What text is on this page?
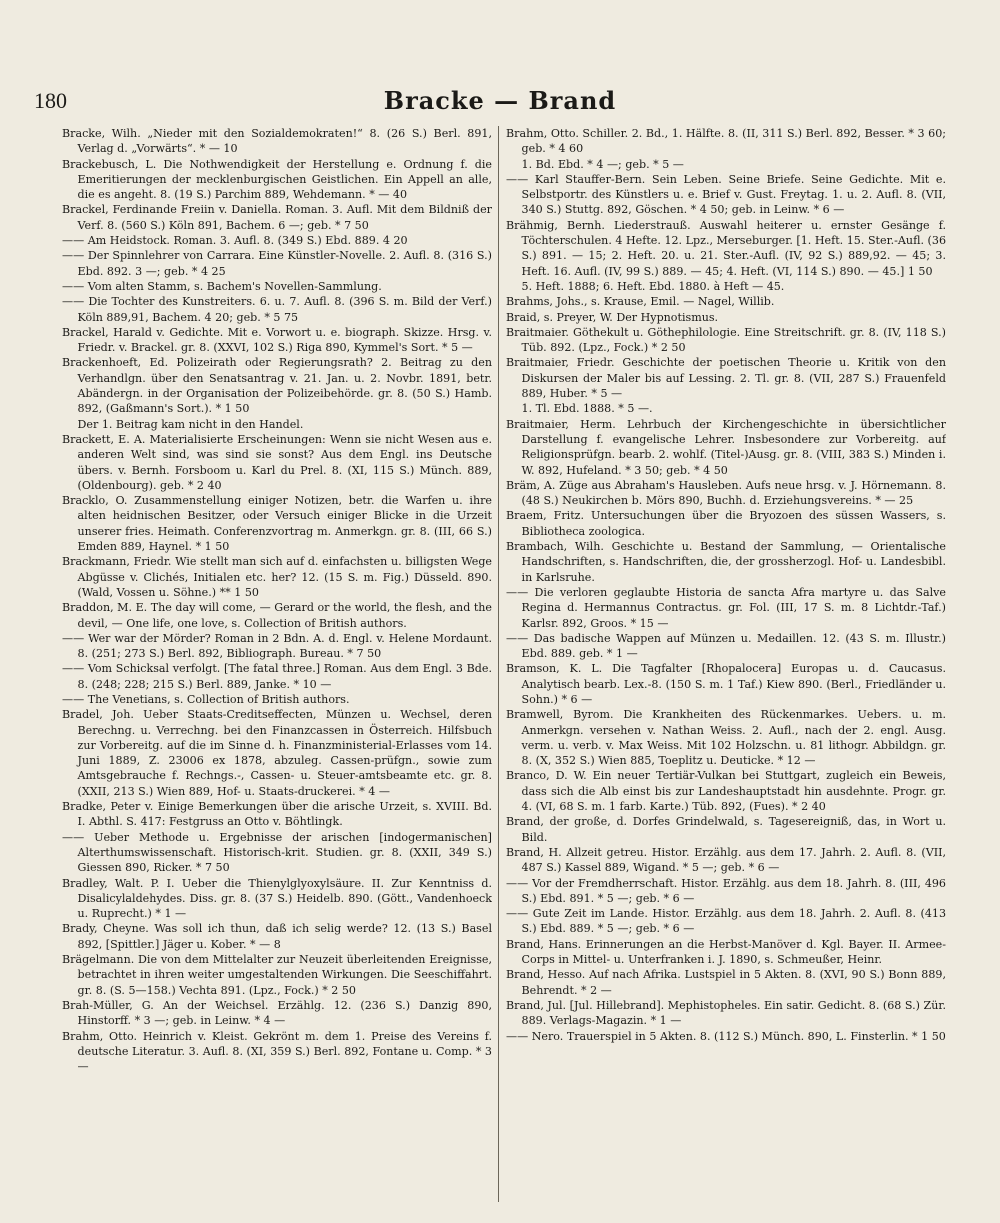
180	Bracke — Brand

Bracke, Wilh. „Nieder mit den Sozialdemokraten!“ 8. (26 S.) Berl. 891, Verlag d. „Vorwärts“. * — 10

Brackebusch, L. Die Nothwendigkeit der Herstellung e. Ordnung f. die Emeritierungen der mecklenburgischen Geistlichen. Ein Appell an alle, die es angeht. 8. (19 S.) Parchim 889, Wehdemann. * — 40

Brackel, Ferdinande Freiin v. Daniella. Roman. 3. Aufl. Mit dem Bildniß der Verf. 8. (560 S.) Köln 891, Bachem. 6 —; geb. * 7 50

—— Am Heidstock. Roman. 3. Aufl. 8. (349 S.) Ebd. 889. 4 20

—— Der Spinnlehrer von Carrara. Eine Künstler-Novelle. 2. Aufl. 8. (316 S.) Ebd. 892. 3 —; geb. * 4 25

—— Vom alten Stamm, s. Bachem's Novellen-Sammlung.

—— Die Tochter des Kunstreiters. 6. u. 7. Aufl. 8. (396 S. m. Bild der Verf.) Köln 889,91, Bachem. 4 20; geb. * 5 75

Brackel, Harald v. Gedichte. Mit e. Vorwort u. e. biograph. Skizze. Hrsg. v. Friedr. v. Brackel. gr. 8. (XXVI, 102 S.) Riga 890, Kymmel's Sort. * 5 —

Brackenhoeft, Ed. Polizeirath oder Regierungsrath? 2. Beitrag zu den Verhandlgn. über den Senatsantrag v. 21. Jan. u. 2. Novbr. 1891, betr. Abändergn. in der Organisation der Polizeibehörde. gr. 8. (50 S.) Hamb. 892, (Gaßmann's Sort.). * 1 50
Der 1. Beitrag kam nicht in den Handel.

Brackett, E. A. Materialisierte Erscheinungen: Wenn sie nicht Wesen aus e. anderen Welt sind, was sind sie sonst? Aus dem Engl. ins Deutsche übers. v. Bernh. Forsboom u. Karl du Prel. 8. (XI, 115 S.) Münch. 889, (Oldenbourg). geb. * 2 40

Bracklo, O. Zusammenstellung einiger Notizen, betr. die Warfen u. ihre alten heidnischen Besitzer, oder Versuch einiger Blicke in die Urzeit unserer fries. Heimath. Conferenzvortrag m. Anmerkgn. gr. 8. (III, 66 S.) Emden 889, Haynel. * 1 50

Brackmann, Friedr. Wie stellt man sich auf d. einfachsten u. billigsten Wege Abgüsse v. Clichés, Initialen etc. her? 12. (15 S. m. Fig.) Düsseld. 890. (Wald, Vossen u. Söhne.) ** 1 50

Braddon, M. E. The day will come, — Gerard or the world, the flesh, and the devil, — One life, one love, s. Collection of British authors.

—— Wer war der Mörder? Roman in 2 Bdn. A. d. Engl. v. Helene Mordaunt. 8. (251; 273 S.) Berl. 892, Bibliograph. Bureau. * 7 50

—— Vom Schicksal verfolgt. [The fatal three.] Roman. Aus dem Engl. 3 Bde. 8. (248; 228; 215 S.) Berl. 889, Janke. * 10 —

—— The Venetians, s. Collection of British authors.

Bradel, Joh. Ueber Staats-Creditseffecten, Münzen u. Wechsel, deren Berechng. u. Verrechng. bei den Finanzcassen in Österreich. Hilfsbuch zur Vorbereitg. auf die im Sinne d. h. Finanzministerial-Erlasses vom 14. Juni 1889, Z. 23006 ex 1878, abzuleg. Cassen-prüfgn., sowie zum Amtsgebrauche f. Rechngs.-, Cassen- u. Steuer-amtsbeamte etc. gr. 8. (XXII, 213 S.) Wien 889, Hof- u. Staats-druckerei. * 4 —

Bradke, Peter v. Einige Bemerkungen über die arische Urzeit, s. XVIII. Bd. I. Abthl. S. 417: Festgruss an Otto v. Böhtlingk.

—— Ueber Methode u. Ergebnisse der arischen [indogermanischen] Alterthumswissenschaft. Historisch-krit. Studien. gr. 8. (XXII, 349 S.) Giessen 890, Ricker. * 7 50

Bradley, Walt. P. I. Ueber die Thienylglyoxylsäure. II. Zur Kenntniss d. Disalicylaldehydes. Diss. gr. 8. (37 S.) Heidelb. 890. (Gött., Vandenhoeck u. Ruprecht.) * 1 —

Brady, Cheyne. Was soll ich thun, daß ich selig werde? 12. (13 S.) Basel 892, [Spittler.] Jäger u. Kober. * — 8

Brägelmann. Die von dem Mittelalter zur Neuzeit überleitenden Ereignisse, betrachtet in ihren weiter umgestaltenden Wirkungen. Die Seeschiffahrt. gr. 8. (S. 5—158.) Vechta 891. (Lpz., Fock.) * 2 50

Brah-Müller, G. An der Weichsel. Erzählg. 12. (236 S.) Danzig 890, Hinstorff. * 3 —; geb. in Leinw. * 4 —

Brahm, Otto. Heinrich v. Kleist. Gekrönt m. dem 1. Preise des Vereins f. deutsche Literatur. 3. Aufl. 8. (XI, 359 S.) Berl. 892, Fontane u. Comp. * 3 —

Brahm, Otto. Schiller. 2. Bd., 1. Hälfte. 8. (II, 311 S.) Berl. 892, Besser. * 3 60; geb. * 4 60
1. Bd. Ebd. * 4 —; geb. * 5 —

—— Karl Stauffer-Bern. Sein Leben. Seine Briefe. Seine Gedichte. Mit e. Selbstportr. des Künstlers u. e. Brief v. Gust. Freytag. 1. u. 2. Aufl. 8. (VII, 340 S.) Stuttg. 892, Göschen. * 4 50; geb. in Leinw. * 6 —

Brähmig, Bernh. Liederstrauß. Auswahl heiterer u. ernster Gesänge f. Töchterschulen. 4 Hefte. 12. Lpz., Merseburger. [1. Heft. 15. Ster.-Aufl. (36 S.) 891. — 15; 2. Heft. 20. u. 21. Ster.-Aufl. (IV, 92 S.) 889,92. — 45; 3. Heft. 16. Aufl. (IV, 99 S.) 889. — 45; 4. Heft. (VI, 114 S.) 890. — 45.] 1 50
5. Heft. 1888; 6. Heft. Ebd. 1880. à Heft — 45.

Brahms, Johs., s. Krause, Emil. — Nagel, Willib.

Braid, s. Preyer, W. Der Hypnotismus.

Braitmaier. Göthekult u. Göthephilologie. Eine Streitschrift. gr. 8. (IV, 118 S.) Tüb. 892. (Lpz., Fock.) * 2 50

Braitmaier, Friedr. Geschichte der poetischen Theorie u. Kritik von den Diskursen der Maler bis auf Lessing. 2. Tl. gr. 8. (VII, 287 S.) Frauenfeld 889, Huber. * 5 —
1. Tl. Ebd. 1888. * 5 —.

Braitmaier, Herm. Lehrbuch der Kirchengeschichte in übersichtlicher Darstellung f. evangelische Lehrer. Insbesondere zur Vorbereitg. auf Religionsprüfgn. bearb. 2. wohlf. (Titel-)Ausg. gr. 8. (VIII, 383 S.) Minden i. W. 892, Hufeland. * 3 50; geb. * 4 50

Bräm, A. Züge aus Abraham's Hausleben. Aufs neue hrsg. v. J. Hörnemann. 8. (48 S.) Neukirchen b. Mörs 890, Buchh. d. Erziehungsvereins. * — 25

Braem, Fritz. Untersuchungen über die Bryozoen des süssen Wassers, s. Bibliotheca zoologica.

Brambach, Wilh. Geschichte u. Bestand der Sammlung, — Orientalische Handschriften, s. Handschriften, die, der grossherzogl. Hof- u. Landesbibl. in Karlsruhe.

—— Die verloren geglaubte Historia de sancta Afra martyre u. das Salve Regina d. Hermannus Contractus. gr. Fol. (III, 17 S. m. 8 Lichtdr.-Taf.) Karlsr. 892, Groos. * 15 —

—— Das badische Wappen auf Münzen u. Medaillen. 12. (43 S. m. Illustr.) Ebd. 889. geb. * 1 —

Bramson, K. L. Die Tagfalter [Rhopalocera] Europas u. d. Caucasus. Analytisch bearb. Lex.-8. (150 S. m. 1 Taf.) Kiew 890. (Berl., Friedländer u. Sohn.) * 6 —

Bramwell, Byrom. Die Krankheiten des Rückenmarkes. Uebers. u. m. Anmerkgn. versehen v. Nathan Weiss. 2. Aufl., nach der 2. engl. Ausg. verm. u. verb. v. Max Weiss. Mit 102 Holzschn. u. 81 lithogr. Abbildgn. gr. 8. (X, 352 S.) Wien 885, Toeplitz u. Deuticke. * 12 —

Branco, D. W. Ein neuer Tertiär-Vulkan bei Stuttgart, zugleich ein Beweis, dass sich die Alb einst bis zur Landeshauptstadt hin ausdehnte. Progr. gr. 4. (VI, 68 S. m. 1 farb. Karte.) Tüb. 892, (Fues). * 2 40

Brand, der große, d. Dorfes Grindelwald, s. Tagesereigniß, das, in Wort u. Bild.

Brand, H. Allzeit getreu. Histor. Erzählg. aus dem 17. Jahrh. 2. Aufl. 8. (VII, 487 S.) Kassel 889, Wigand. * 5 —; geb. * 6 —

—— Vor der Fremdherrschaft. Histor. Erzählg. aus dem 18. Jahrh. 8. (III, 496 S.) Ebd. 891. * 5 —; geb. * 6 —

—— Gute Zeit im Lande. Histor. Erzählg. aus dem 18. Jahrh. 2. Aufl. 8. (413 S.) Ebd. 889. * 5 —; geb. * 6 —

Brand, Hans. Erinnerungen an die Herbst-Manöver d. Kgl. Bayer. II. Armee-Corps in Mittel- u. Unterfranken i. J. 1890, s. Schmeußer, Heinr.

Brand, Hesso. Auf nach Afrika. Lustspiel in 5 Akten. 8. (XVI, 90 S.) Bonn 889, Behrendt. * 2 —

Brand, Jul. [Jul. Hillebrand]. Mephistopheles. Ein satir. Gedicht. 8. (68 S.) Zür. 889. Verlags-Magazin. * 1 —

—— Nero. Trauerspiel in 5 Akten. 8. (112 S.) Münch. 890, L. Finsterlin. * 1 50
